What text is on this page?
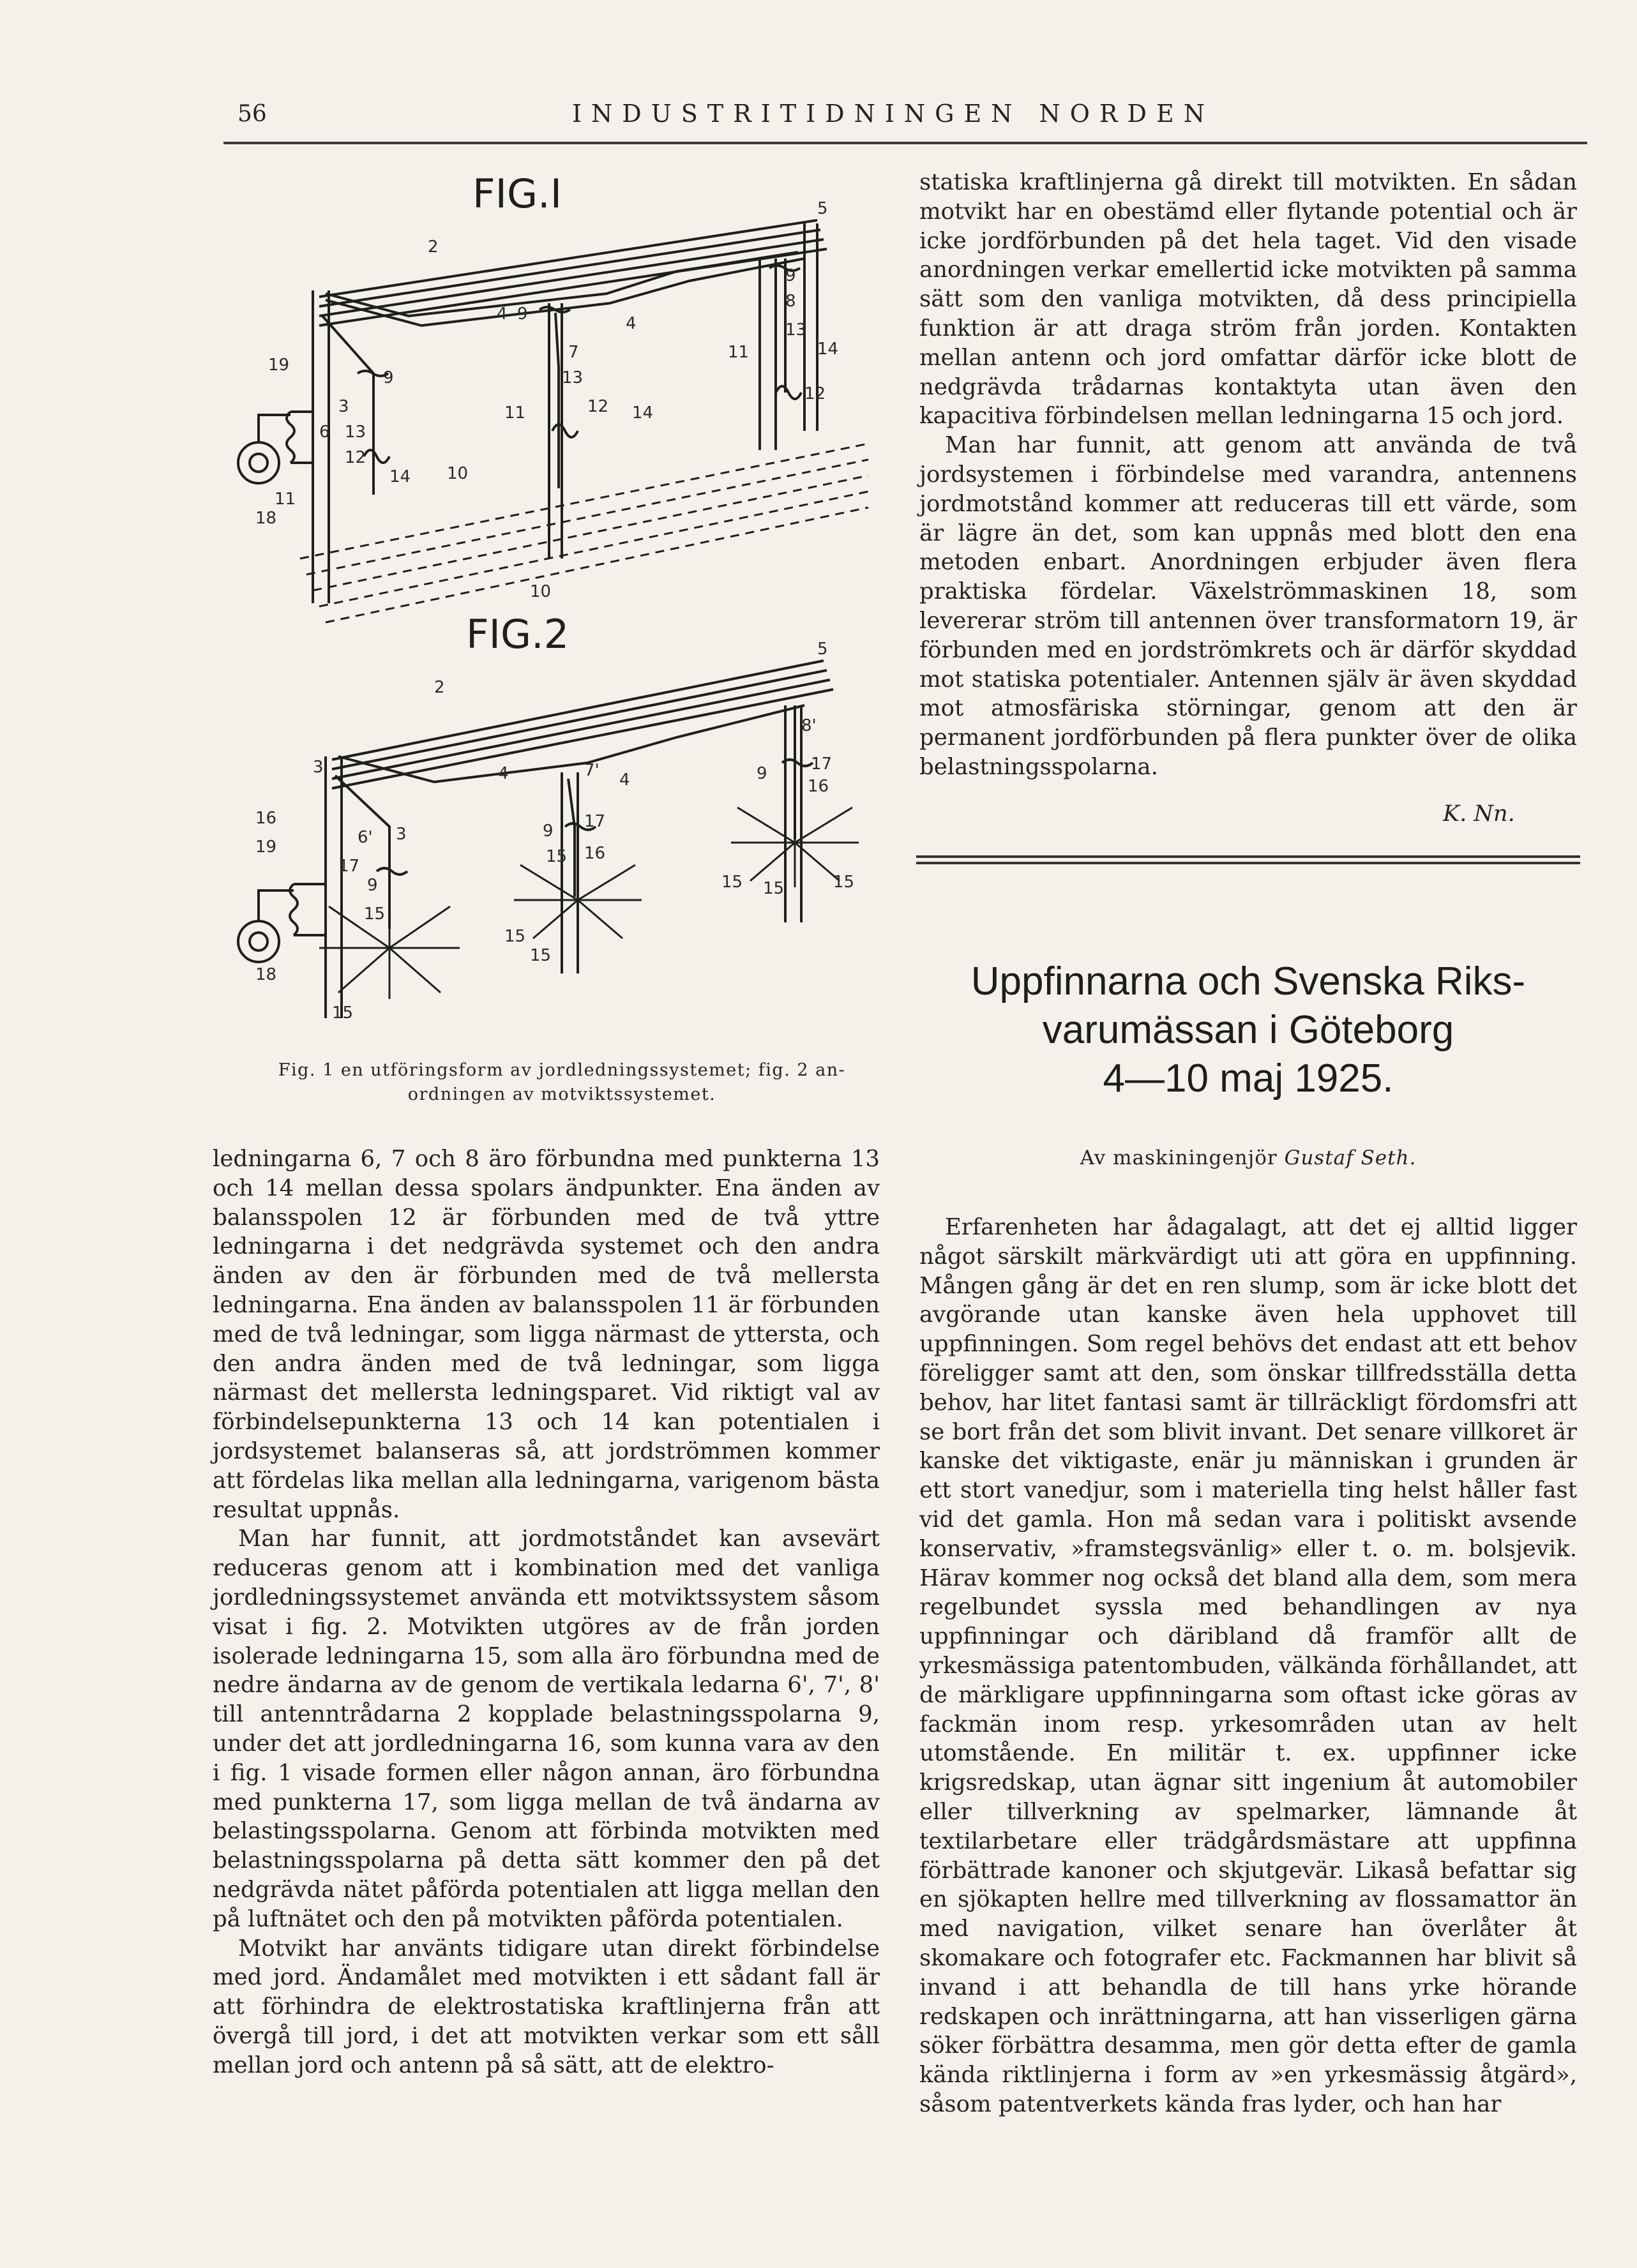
56	INDUSTRITIDNINGEN NORDEN
FIG.I
FIG.2
2
5
19
9
3
6 13
12
14
11
18
10
4 9	4
7
13
11	12 14
9
8
13
14
11
12
10
2
5
3
16
19	6' 3
17
9
15
18
15
4	7' 4
17
9
15 16
15
15
8'
17
9
16
15 15	15
Fig. 1 en utföringsform av jordledningssystemet; fig. 2 an-
ordningen av motviktssystemet.

ledningarna 6, 7 och 8 äro förbundna med punkterna 13 och 14 mellan dessa spolars ändpunkter. Ena änden av balansspolen 12 är förbunden med de två yttre ledningarna i det nedgrävda systemet och den andra änden av den är förbunden med de två mellersta ledningarna. Ena änden av balansspolen 11 är förbunden med de två ledningar, som ligga närmast de yttersta, och den andra änden med de två ledningar, som ligga närmast det mellersta ledningsparet. Vid riktigt val av förbindelsepunkterna 13 och 14 kan potentialen i jordsystemet balanseras så, att jordströmmen kommer att fördelas lika mellan alla ledningarna, varigenom bästa resultat uppnås.

Man har funnit, att jordmotståndet kan avsevärt reduceras genom att i kombination med det vanliga jordledningssystemet använda ett motviktssystem såsom visat i fig. 2. Motvikten utgöres av de från jorden isolerade ledningarna 15, som alla äro förbundna med de nedre ändarna av de genom de vertikala ledarna 6', 7', 8' till antenntrådarna 2 kopplade belastningsspolarna 9, under det att jordledningarna 16, som kunna vara av den i fig. 1 visade formen eller någon annan, äro förbundna med punkterna 17, som ligga mellan de två ändarna av belastingsspolarna. Genom att förbinda motvikten med belastningsspolarna på detta sätt kommer den på det nedgrävda nätet påförda potentialen att ligga mellan den på luftnätet och den på motvikten påförda potentialen.

Motvikt har använts tidigare utan direkt förbindelse med jord. Ändamålet med motvikten i ett sådant fall är att förhindra de elektrostatiska kraftlinjerna från att övergå till jord, i det att motvikten verkar som ett såll mellan jord och antenn på så sätt, att de elektro-

statiska kraftlinjerna gå direkt till motvikten. En sådan motvikt har en obestämd eller flytande potential och är icke jordförbunden på det hela taget. Vid den visade anordningen verkar emellertid icke motvikten på samma sätt som den vanliga motvikten, då dess principiella funktion är att draga ström från jorden. Kontakten mellan antenn och jord omfattar därför icke blott de nedgrävda trådarnas kontaktyta utan även den kapacitiva förbindelsen mellan ledningarna 15 och jord.

Man har funnit, att genom att använda de två jordsystemen i förbindelse med varandra, antennens jordmotstånd kommer att reduceras till ett värde, som är lägre än det, som kan uppnås med blott den ena metoden enbart. Anordningen erbjuder även flera praktiska fördelar. Växelströmmaskinen 18, som levererar ström till antennen över transformatorn 19, är förbunden med en jordströmkrets och är därför skyddad mot statiska potentialer. Antennen själv är även skyddad mot atmosfäriska störningar, genom att den är permanent jordförbunden på flera punkter över de olika belastningsspolarna.

K. Nn.
Uppfinnarna och Svenska Riks-
varumässan i Göteborg
4—10 maj 1925.
Av maskiningenjör Gustaf Seth.

Erfarenheten har ådagalagt, att det ej alltid ligger något särskilt märkvärdigt uti att göra en uppfinning. Mången gång är det en ren slump, som är icke blott det avgörande utan kanske även hela upphovet till uppfinningen. Som regel behövs det endast att ett behov föreligger samt att den, som önskar tillfredsställa detta behov, har litet fantasi samt är tillräckligt fördomsfri att se bort från det som blivit invant. Det senare villkoret är kanske det viktigaste, enär ju människan i grunden är ett stort vanedjur, som i materiella ting helst håller fast vid det gamla. Hon må sedan vara i politiskt avsende konservativ, »framstegsvänlig» eller t. o. m. bolsjevik. Härav kommer nog också det bland alla dem, som mera regelbundet syssla med behandlingen av nya uppfinningar och däribland då framför allt de yrkesmässiga patentombuden, välkända förhållandet, att de märkligare uppfinningarna som oftast icke göras av fackmän inom resp. yrkesområden utan av helt utomstående. En militär t. ex. uppfinner icke krigsredskap, utan ägnar sitt ingenium åt automobiler eller tillverkning av spelmarker, lämnande åt textilarbetare eller trädgårdsmästare att uppfinna förbättrade kanoner och skjutgevär. Likaså befattar sig en sjökapten hellre med tillverkning av flossamattor än med navigation, vilket senare han överlåter åt skomakare och fotografer etc. Fackmannen har blivit så invand i att behandla de till hans yrke hörande redskapen och inrättningarna, att han visserligen gärna söker förbättra desamma, men gör detta efter de gamla kända riktlinjerna i form av »en yrkesmässig åtgärd», såsom patentverkets kända fras lyder, och han har
